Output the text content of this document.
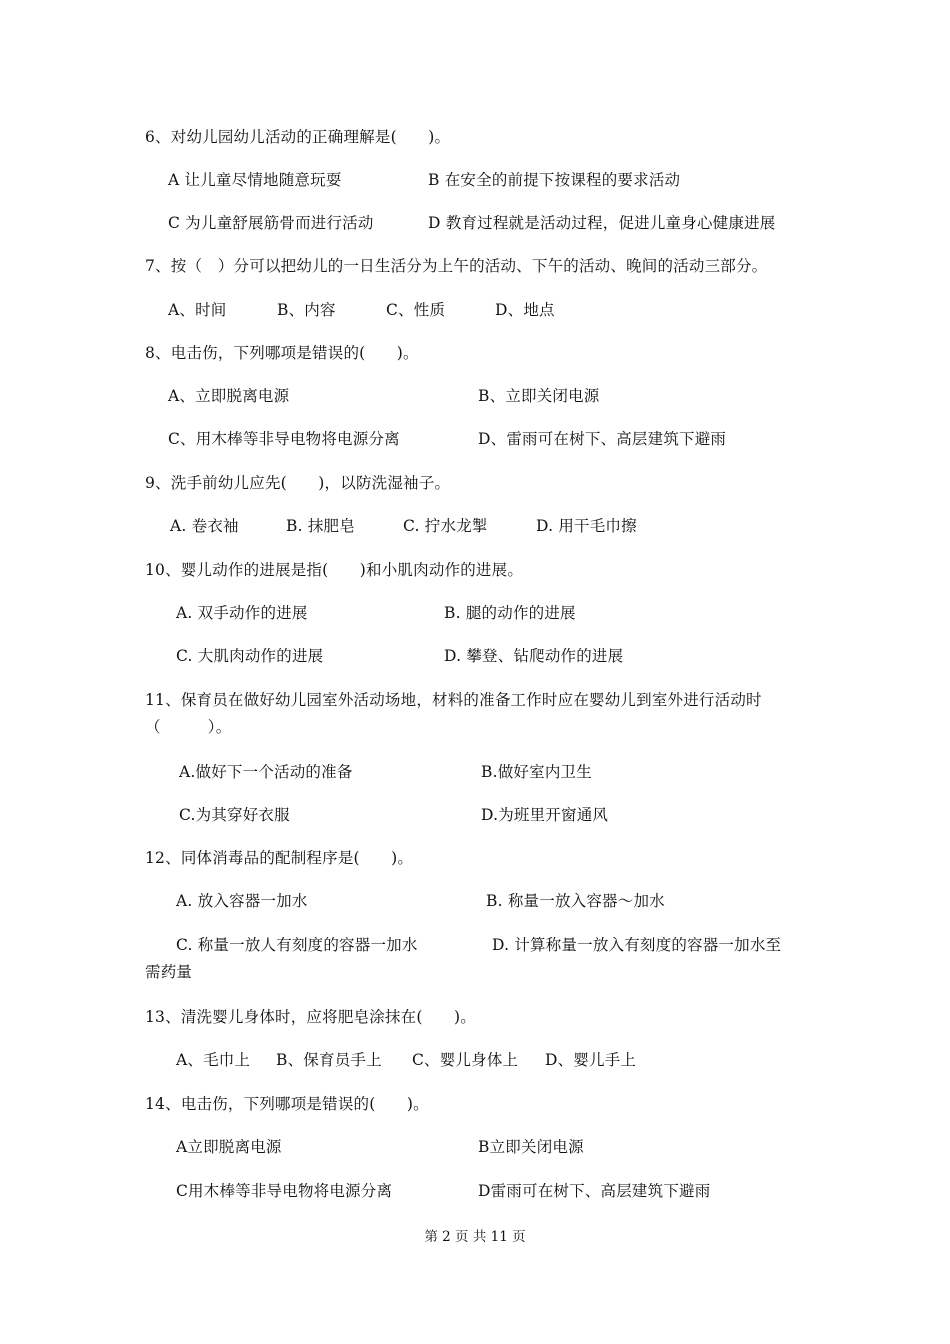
6、对幼儿园幼儿活动的正确理解是(　　)。
A 让儿童尽情地随意玩耍	B 在安全的前提下按课程的要求活动
C 为儿童舒展筋骨而进行活动	D 教育过程就是活动过程，促进儿童身心健康进展
7、按（　）分可以把幼儿的一日生活分为上午的活动、下午的活动、晚间的活动三部分。
A、时间	B、内容	C、性质	D、地点
8、电击伤，下列哪项是错误的(　　)。
A、立即脱离电源	B、立即关闭电源
C、用木棒等非导电物将电源分离	D、雷雨可在树下、高层建筑下避雨
9、洗手前幼儿应先(　　)，以防洗湿袖子。
A. 卷衣袖	B. 抹肥皂	C. 拧水龙掣	D. 用干毛巾擦
10、婴儿动作的进展是指(　　)和小肌肉动作的进展。
A. 双手动作的进展	B. 腿的动作的进展
C. 大肌肉动作的进展	D. 攀登、钻爬动作的进展
11、保育员在做好幼儿园室外活动场地，材料的准备工作时应在婴幼儿到室外进行活动时
（　　　）。
A.做好下一个活动的准备	B.做好室内卫生
C.为其穿好衣服	D.为班里开窗通风
12、同体消毒品的配制程序是(　　)。
A. 放入容器一加水	B. 称量一放入容器～加水
C. 称量一放人有刻度的容器一加水	D. 计算称量一放入有刻度的容器一加水至
需药量
13、清洗婴儿身体时，应将肥皂涂抹在(　　)。
A、毛巾上 B、保育员手上 C、婴儿身体上 D、婴儿手上
14、电击伤，下列哪项是错误的(　　)。
A立即脱离电源	B立即关闭电源
C用木棒等非导电物将电源分离	D雷雨可在树下、高层建筑下避雨
第 2 页 共 11 页
